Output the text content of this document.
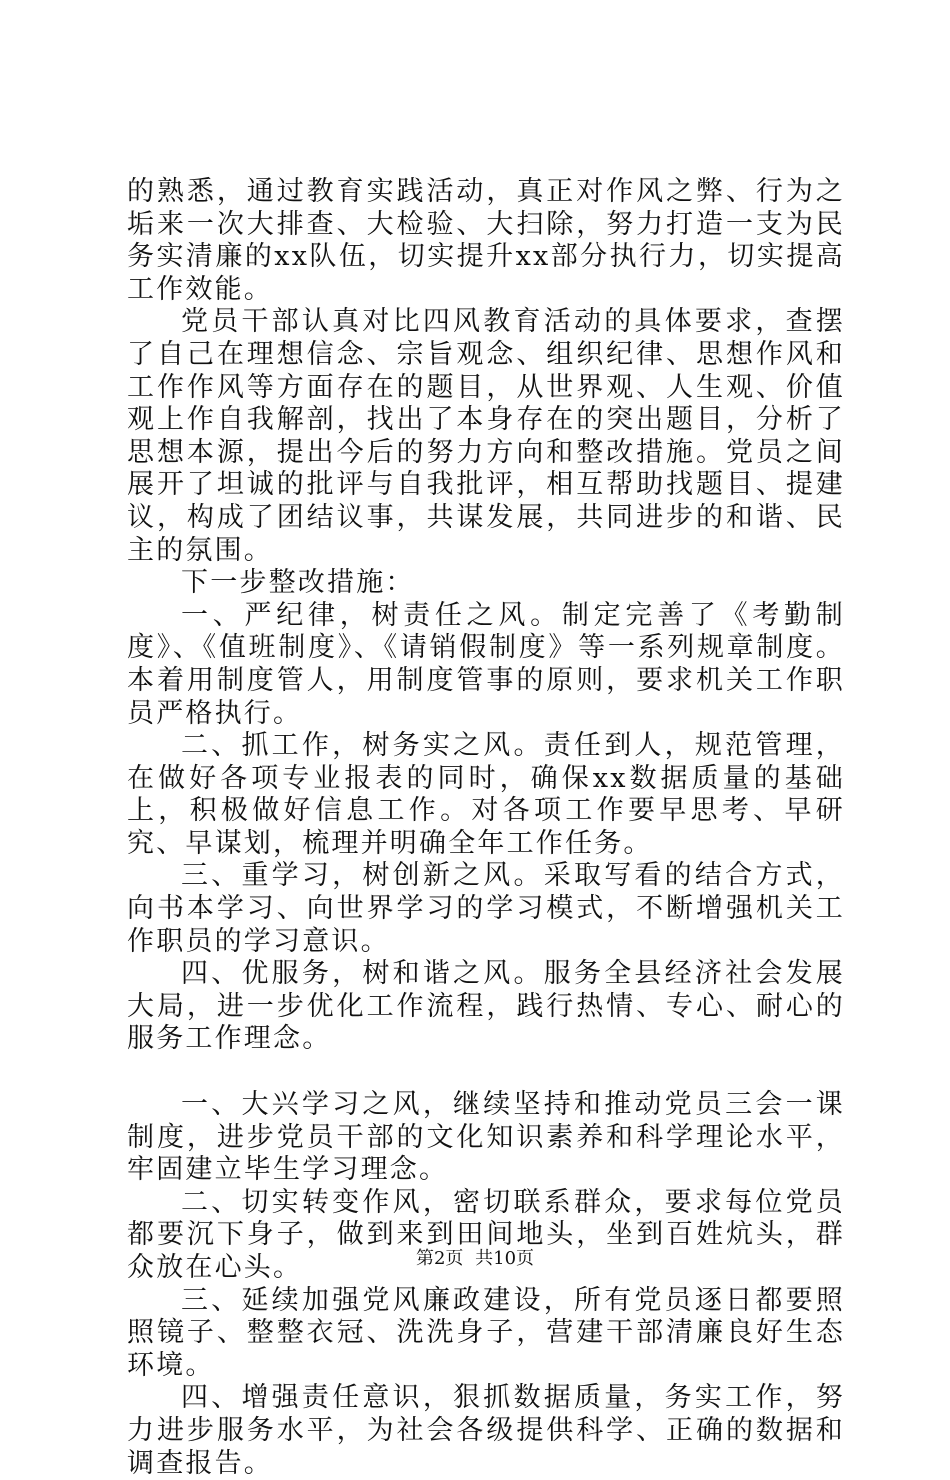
的熟悉，通过教育实践活动，真正对作风之弊、行为之垢来一次大排查、大检验、大扫除，努力打造一支为民务实清廉的xx队伍，切实提升xx部分执行力，切实提高工作效能。

党员干部认真对比四风教育活动的具体要求，查摆了自己在理想信念、宗旨观念、组织纪律、思想作风和工作作风等方面存在的题目，从世界观、人生观、价值观上作自我解剖，找出了本身存在的突出题目，分析了思想本源，提出今后的努力方向和整改措施。党员之间展开了坦诚的批评与自我批评，相互帮助找题目、提建议，构成了团结议事，共谋发展，共同进步的和谐、民主的氛围。

下一步整改措施：

一、严纪律，树责任之风。制定完善了《考勤制度》、《值班制度》、《请销假制度》等一系列规章制度。本着用制度管人，用制度管事的原则，要求机关工作职员严格执行。

二、抓工作，树务实之风。责任到人，规范管理，在做好各项专业报表的同时，确保xx数据质量的基础上，积极做好信息工作。对各项工作要早思考、早研究、早谋划，梳理并明确全年工作任务。

三、重学习，树创新之风。采取写看的结合方式，向书本学习、向世界学习的学习模式，不断增强机关工作职员的学习意识。

四、优服务，树和谐之风。服务全县经济社会发展大局，进一步优化工作流程，践行热情、专心、耐心的服务工作理念。

一、大兴学习之风，继续坚持和推动党员三会一课制度，进步党员干部的文化知识素养和科学理论水平，牢固建立毕生学习理念。

二、切实转变作风，密切联系群众，要求每位党员都要沉下身子，做到来到田间地头，坐到百姓炕头，群众放在心头。

三、延续加强党风廉政建设，所有党员逐日都要照照镜子、整整衣冠、洗洗身子，营建干部清廉良好生态环境。

四、增强责任意识，狠抓数据质量，务实工作，努力进步服务水平，为社会各级提供科学、正确的数据和调查报告。

第2页 共10页
